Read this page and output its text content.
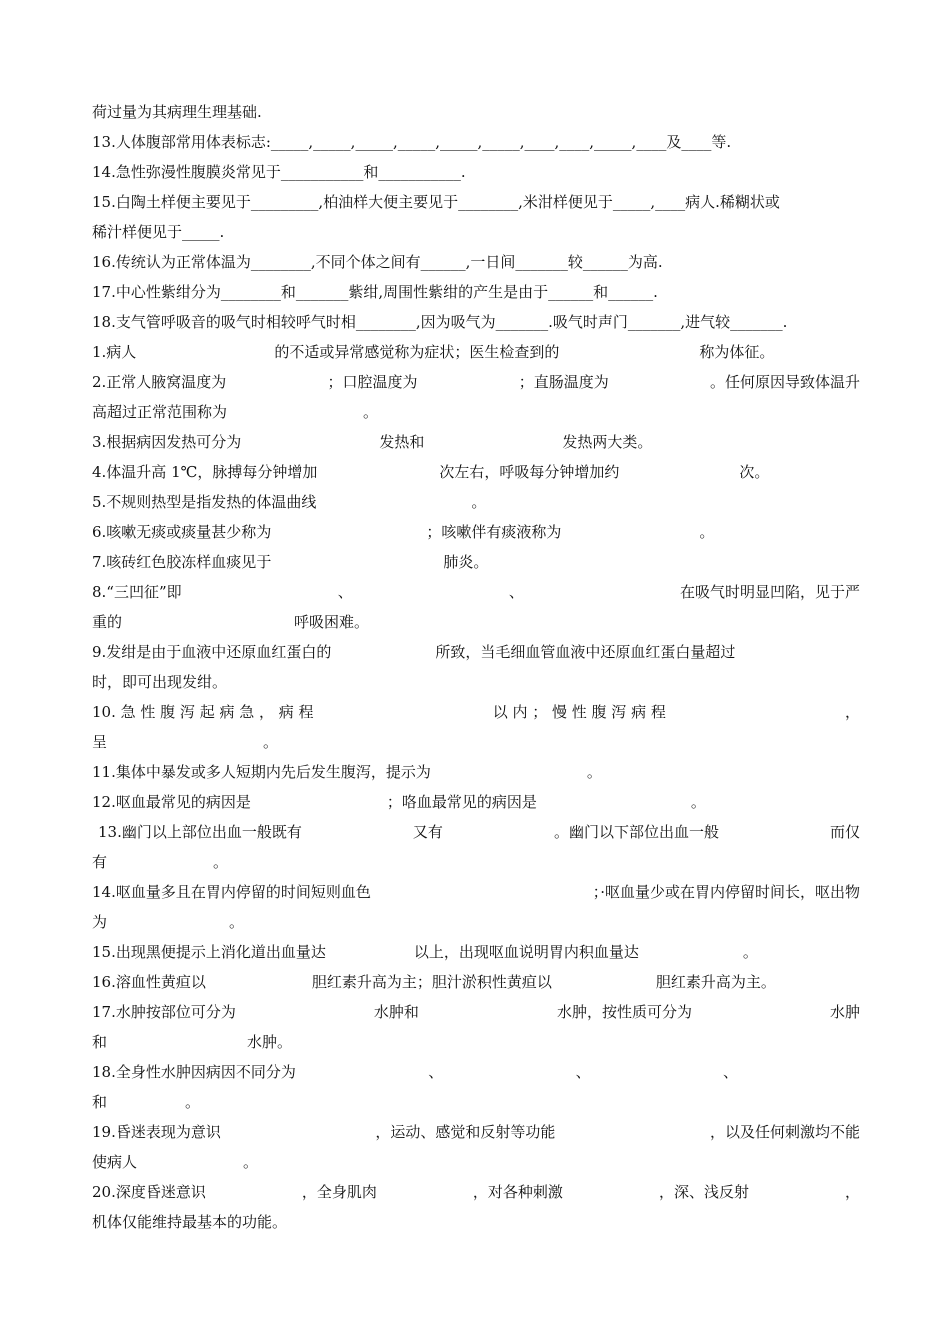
荷过量为其病理生理基础.
13.人体腹部常用体表标志:_____,_____,_____,_____,_____,_____,____,____,_____,____及____等.
14.急性弥漫性腹膜炎常见于___________和___________.
15.白陶土样便主要见于_________,柏油样大便主要见于________,米泔样便见于_____,____病人.稀糊状或
稀汁样便见于_____.
16.传统认为正常体温为________,不同个体之间有______,一日间_______较______为高.
17.中心性紫绀分为________和_______紫绀,周围性紫绀的产生是由于______和______.
18.支气管呼吸音的吸气时相较呼气时相________,因为吸气为_______.吸气时声门_______,进气较_______.
1.病人	的不适或异常感觉称为症状；医生检查到的	称为体征。
2.正常人腋窝温度为	；口腔温度为	；直肠温度为	。任何原因导致体温升
高超过正常范围称为	。
3.根据病因发热可分为	发热和	发热两大类。
4.体温升高 1℃，脉搏每分钟增加	次左右，呼吸每分钟增加约	次。
5.不规则热型是指发热的体温曲线	。
6.咳嗽无痰或痰量甚少称为	；咳嗽伴有痰液称为	。
7.咳砖红色胶冻样血痰见于	肺炎。
8.“三凹征”即	、	、	在吸气时明显凹陷，见于严
重的	呼吸困难。
9.发绀是由于血液中还原血红蛋白的	所致，当毛细血管血液中还原血红蛋白量超过
时，即可出现发绀。
10. 急 性 腹 泻 起 病 急 ， 病 程	以 内 ； 慢 性 腹 泻 病 程	，
呈	。
11.集体中暴发或多人短期内先后发生腹泻，提示为	。
12.呕血最常见的病因是	；咯血最常见的病因是	。
13.幽门以上部位出血一般既有	又有	。幽门以下部位出血一般	而仅
有	。
14.呕血量多且在胃内停留的时间短则血色	；·呕血量少或在胃内停留时间长，呕出物
为	。
15.出现黑便提示上消化道出血量达	以上，出现呕血说明胃内积血量达	。
16.溶血性黄疸以	胆红素升高为主；胆汁淤积性黄疸以	胆红素升高为主。
17.水肿按部位可分为	水肿和	水肿，按性质可分为	水肿
和	水肿。
18.全身性水肿因病因不同分为	、	、	、
和	。
19.昏迷表现为意识	，运动、感觉和反射等功能	，以及任何刺激均不能
使病人	。
20.深度昏迷意识	，全身肌肉	，对各种刺激	，深、浅反射	，
机体仅能维持最基本的功能。
